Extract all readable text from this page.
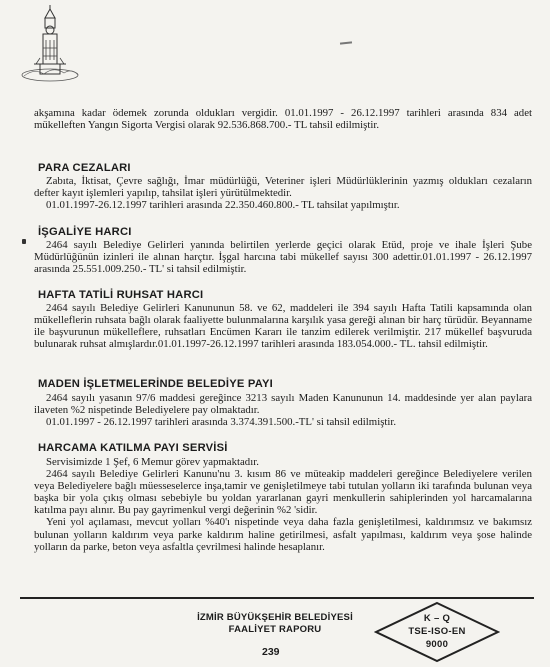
akşamına kadar ödemek zorunda oldukları vergidir. 01.01.1997 - 26.12.1997 tarihleri arasında 834 adet mükelleften Yangın Sigorta Vergisi olarak 92.536.868.700.- TL tahsil edilmiştir.

PARA CEZALARI

Zabıta, İktisat, Çevre sağlığı, İmar müdürlüğü, Veteriner işleri Müdürlüklerinin yazmış oldukları cezaların defter kayıt işlemleri yapılıp, tahsilat işleri yürütülmektedir.

01.01.1997-26.12.1997 tarihleri arasında 22.350.460.800.- TL tahsilat yapılmıştır.

İŞGALİYE HARCI

2464 sayılı Belediye Gelirleri yanında belirtilen yerlerde geçici olarak Etüd, proje ve ihale İşleri Şube Müdürlüğünün izinleri ile alınan harçtır. İşgal harcına tabi mükellef sayısı 300 adettir.01.01.1997 - 26.12.1997 arasında 25.551.009.250.- TL' si tahsil edilmiştir.

HAFTA TATİLİ RUHSAT HARCI

2464 sayılı Belediye Gelirleri Kanununun 58. ve 62, maddeleri ile 394 sayılı Hafta Tatili kapsamında olan mükelleflerin ruhsata bağlı olarak faaliyette bulunmalarına karşılık yasa gereği alınan bir harç türüdür. Beyanname ile başvurunun mükelleflere, ruhsatları Encümen Kararı ile tanzim edilerek verilmiştir. 217 mükellef başvuruda bulunarak ruhsat almışlardır.01.01.1997-26.12.1997 tarihleri arasında 183.054.000.- TL. tahsil edilmiştir.

MADEN İŞLETMELERİNDE BELEDİYE PAYI

2464 sayılı yasanın 97/6 maddesi gereğince 3213 sayılı Maden Kanununun 14. maddesinde yer alan paylara ilaveten %2 nispetinde Belediyelere pay olmaktadır.

01.01.1997 - 26.12.1997 tarihleri arasında 3.374.391.500.-TL' si tahsil edilmiştir.

HARCAMA KATILMA PAYI SERVİSİ

Servisimizde 1 Şef, 6 Memur görev yapmaktadır.

2464 sayılı Belediye Gelirleri Kanunu'nu 3. kısım 86 ve müteakip maddeleri gereğince Belediyelere verilen veya Belediyelere bağlı müesseselerce inşa,tamir ve genişletilmeye tabi tutulan yolların iki tarafında bulunan veya başka bir yola çıkış olması sebebiyle bu yoldan yararlanan gayri menkullerin sahiplerinden yol harcamalarına katılma payı alınır. Bu pay gayrimenkul vergi değerinin %2 'sidir.

Yeni yol açılaması, mevcut yolları %40'ı nispetinde veya daha fazla genişletilmesi, kaldırımsız ve bakımsız bulunan yolların kaldırım veya parke kaldırım haline getirilmesi, asfalt yapılması, kaldırım veya şose halinde yolların da parke, beton veya asfaltla çevrilmesi halinde hesaplanır.

İZMİR BÜYÜKŞEHİR BELEDİYESİ
FAALİYET RAPORU
239
K – Q
TSE-ISO-EN
9000
